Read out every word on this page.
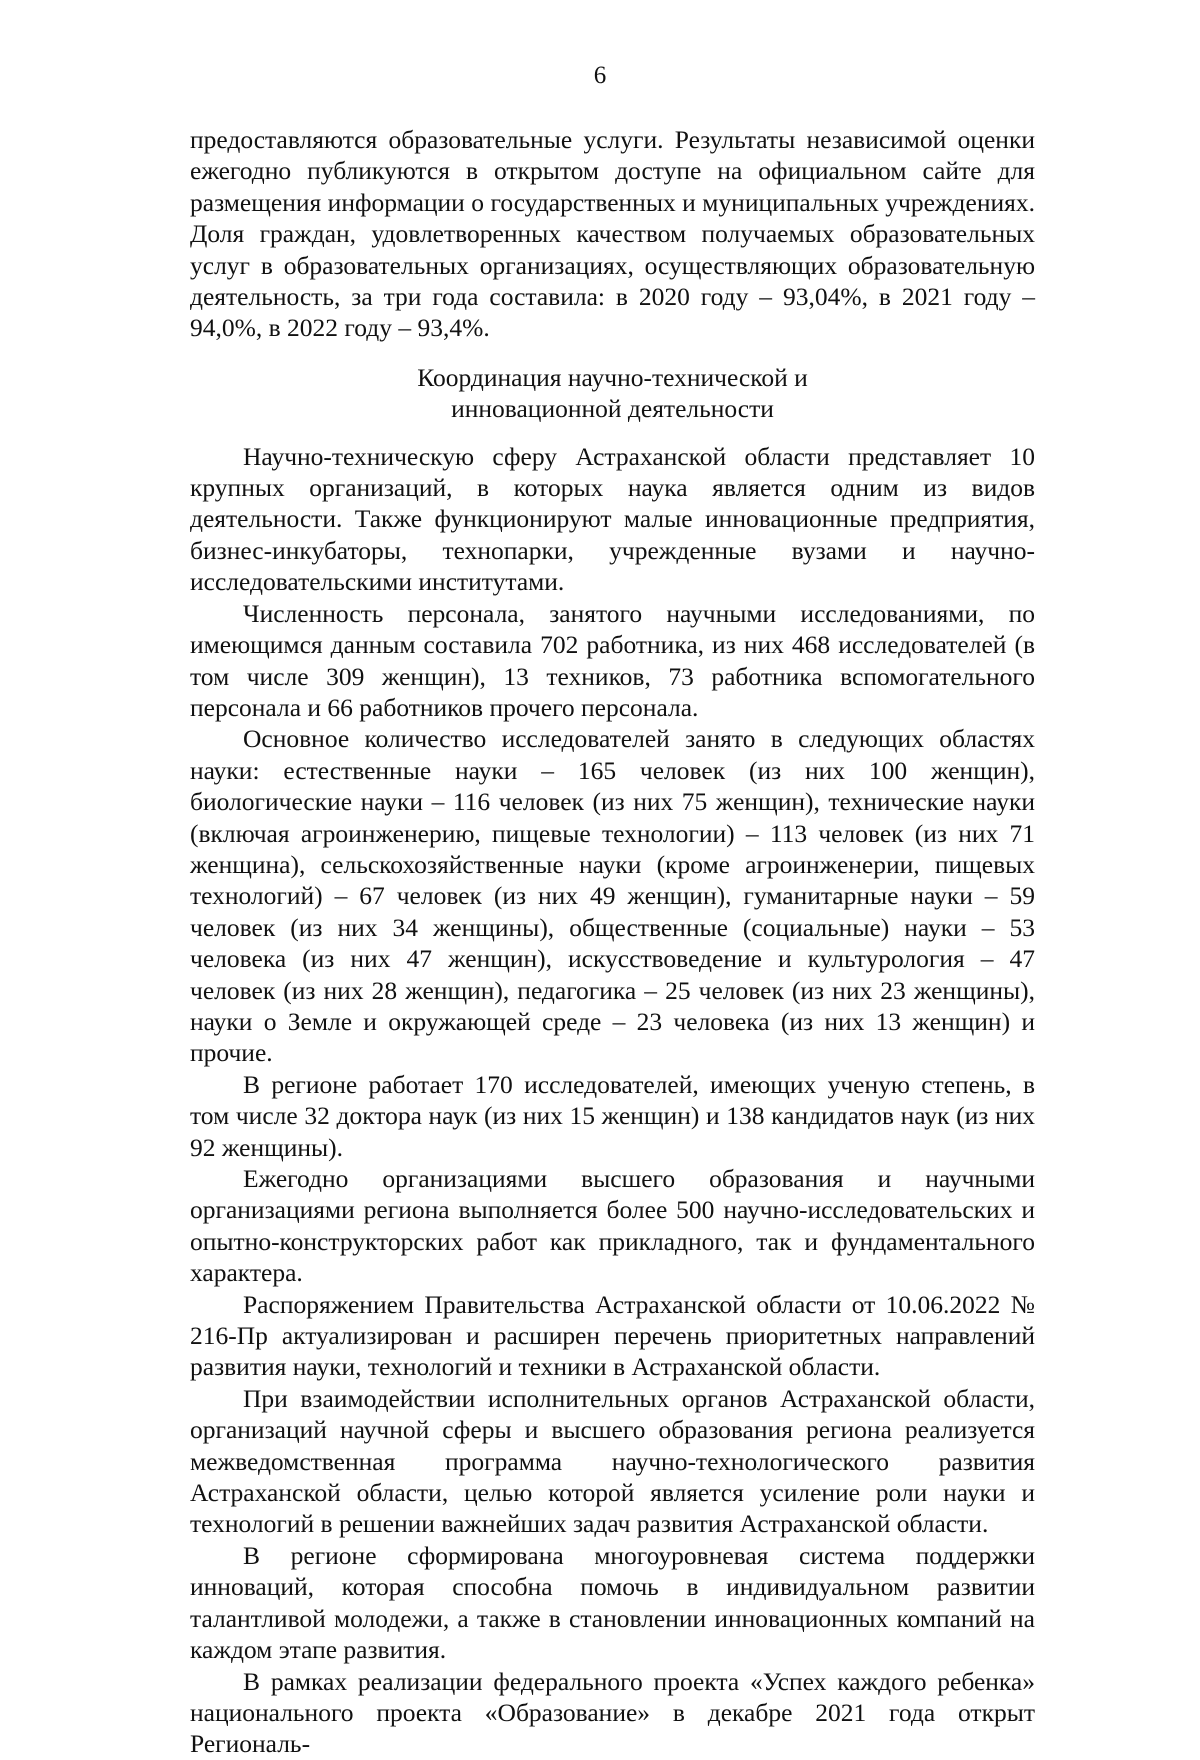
6

предоставляются образовательные услуги. Результаты независимой оценки ежегодно публикуются в открытом доступе на официальном сайте для размещения информации о государственных и муниципальных учреждениях. Доля граждан, удовлетворенных качеством получаемых образовательных услуг в образовательных организациях, осуществляющих образовательную деятельность, за три года составила: в 2020 году – 93,04%, в 2021 году – 94,0%, в 2022 году – 93,4%.

Координация научно-технической и
инновационной деятельности

Научно-техническую сферу Астраханской области представляет 10 крупных организаций, в которых наука является одним из видов деятельности. Также функционируют малые инновационные предприятия, бизнес-инкубаторы, технопарки, учрежденные вузами и научно-исследовательскими институтами.

Численность персонала, занятого научными исследованиями, по имеющимся данным составила 702 работника, из них 468 исследователей (в том числе 309 женщин), 13 техников, 73 работника вспомогательного персонала и 66 работников прочего персонала.

Основное количество исследователей занято в следующих областях науки: естественные науки – 165 человек (из них 100 женщин), биологические науки – 116 человек (из них 75 женщин), технические науки (включая агроинженерию, пищевые технологии) – 113 человек (из них 71 женщина), сельскохозяйственные науки (кроме агроинженерии, пищевых технологий) – 67 человек (из них 49 женщин), гуманитарные науки – 59 человек (из них 34 женщины), общественные (социальные) науки – 53 человека (из них 47 женщин), искусствоведение и культурология – 47 человек (из них 28 женщин), педагогика – 25 человек (из них 23 женщины), науки о Земле и окружающей среде – 23 человека (из них 13 женщин) и прочие.

В регионе работает 170 исследователей, имеющих ученую степень, в том числе 32 доктора наук (из них 15 женщин) и 138 кандидатов наук (из них 92 женщины).

Ежегодно организациями высшего образования и научными организациями региона выполняется более 500 научно-исследовательских и опытно-конструкторских работ как прикладного, так и фундаментального характера.

Распоряжением Правительства Астраханской области от 10.06.2022 № 216-Пр актуализирован и расширен перечень приоритетных направлений развития науки, технологий и техники в Астраханской области.

При взаимодействии исполнительных органов Астраханской области, организаций научной сферы и высшего образования региона реализуется межведомственная программа научно-технологического развития Астраханской области, целью которой является усиление роли науки и технологий в решении важнейших задач развития Астраханской области.

В регионе сформирована многоуровневая система поддержки инноваций, которая способна помочь в индивидуальном развитии талантливой молодежи, а также в становлении инновационных компаний на каждом этапе развития.

В рамках реализации федерального проекта «Успех каждого ребенка» национального проекта «Образование» в декабре 2021 года открыт Региональ-
